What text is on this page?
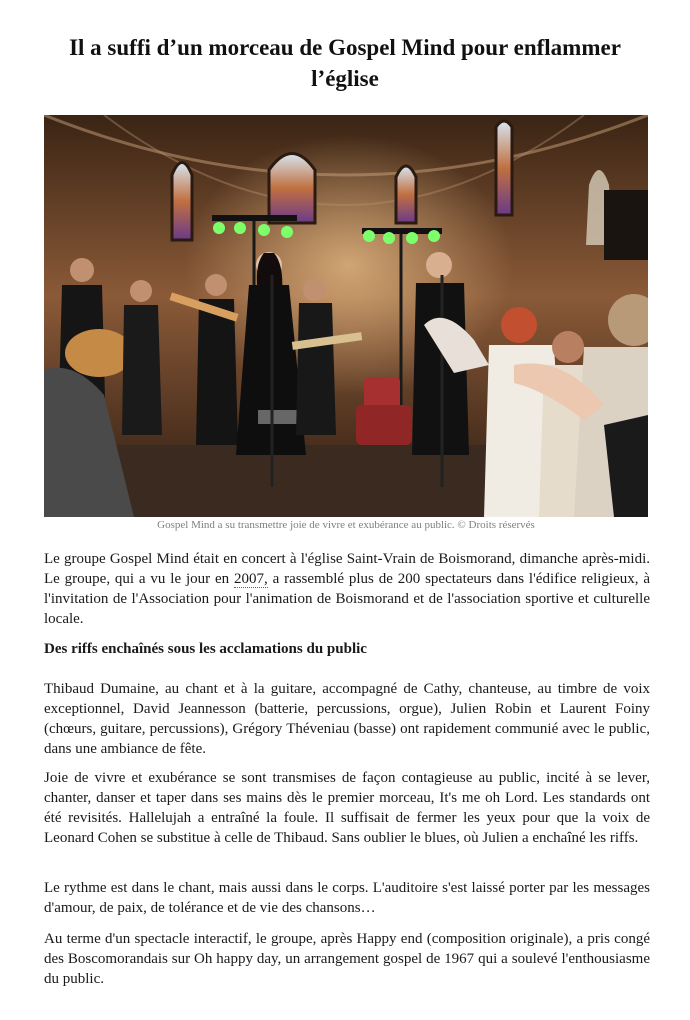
Il a suffi d’un morceau de Gospel Mind pour enflammer l’église
Gospel Mind a su transmettre joie de vivre et exubérance au public. © Droits réservés

Le groupe Gospel Mind était en concert à l'église Saint-Vrain de Boismorand, dimanche après-midi. Le groupe, qui a vu le jour en 2007, a rassemblé plus de 200 spectateurs dans l'édifice religieux, à l'invitation de l'Association pour l'animation de Boismorand et de l'association sportive et culturelle locale.

Des riffs enchaînés sous les acclamations du public

Thibaud Dumaine, au chant et à la guitare, accompagné de Cathy, chanteuse, au timbre de voix exceptionnel, David Jeannesson (batterie, percussions, orgue), Julien Robin et Laurent Foiny (chœurs, guitare, percussions), Grégory Théveniau (basse) ont rapidement communié avec le public, dans une ambiance de fête.

Joie de vivre et exubérance se sont transmises de façon contagieuse au public, incité à se lever, chanter, danser et taper dans ses mains dès le premier morceau, It's me oh Lord. Les standards ont été revisités. Hallelujah a entraîné la foule. Il suffisait de fermer les yeux pour que la voix de Leonard Cohen se substitue à celle de Thibaud. Sans oublier le blues, où Julien a enchaîné les riffs.

Le rythme est dans le chant, mais aussi dans le corps. L'auditoire s'est laissé porter par les messages d'amour, de paix, de tolérance et de vie des chansons…

Au terme d'un spectacle interactif, le groupe, après Happy end (composition originale), a pris congé des Boscomorandais sur Oh happy day, un arrangement gospel de 1967 qui a soulevé l'enthousiasme du public.
